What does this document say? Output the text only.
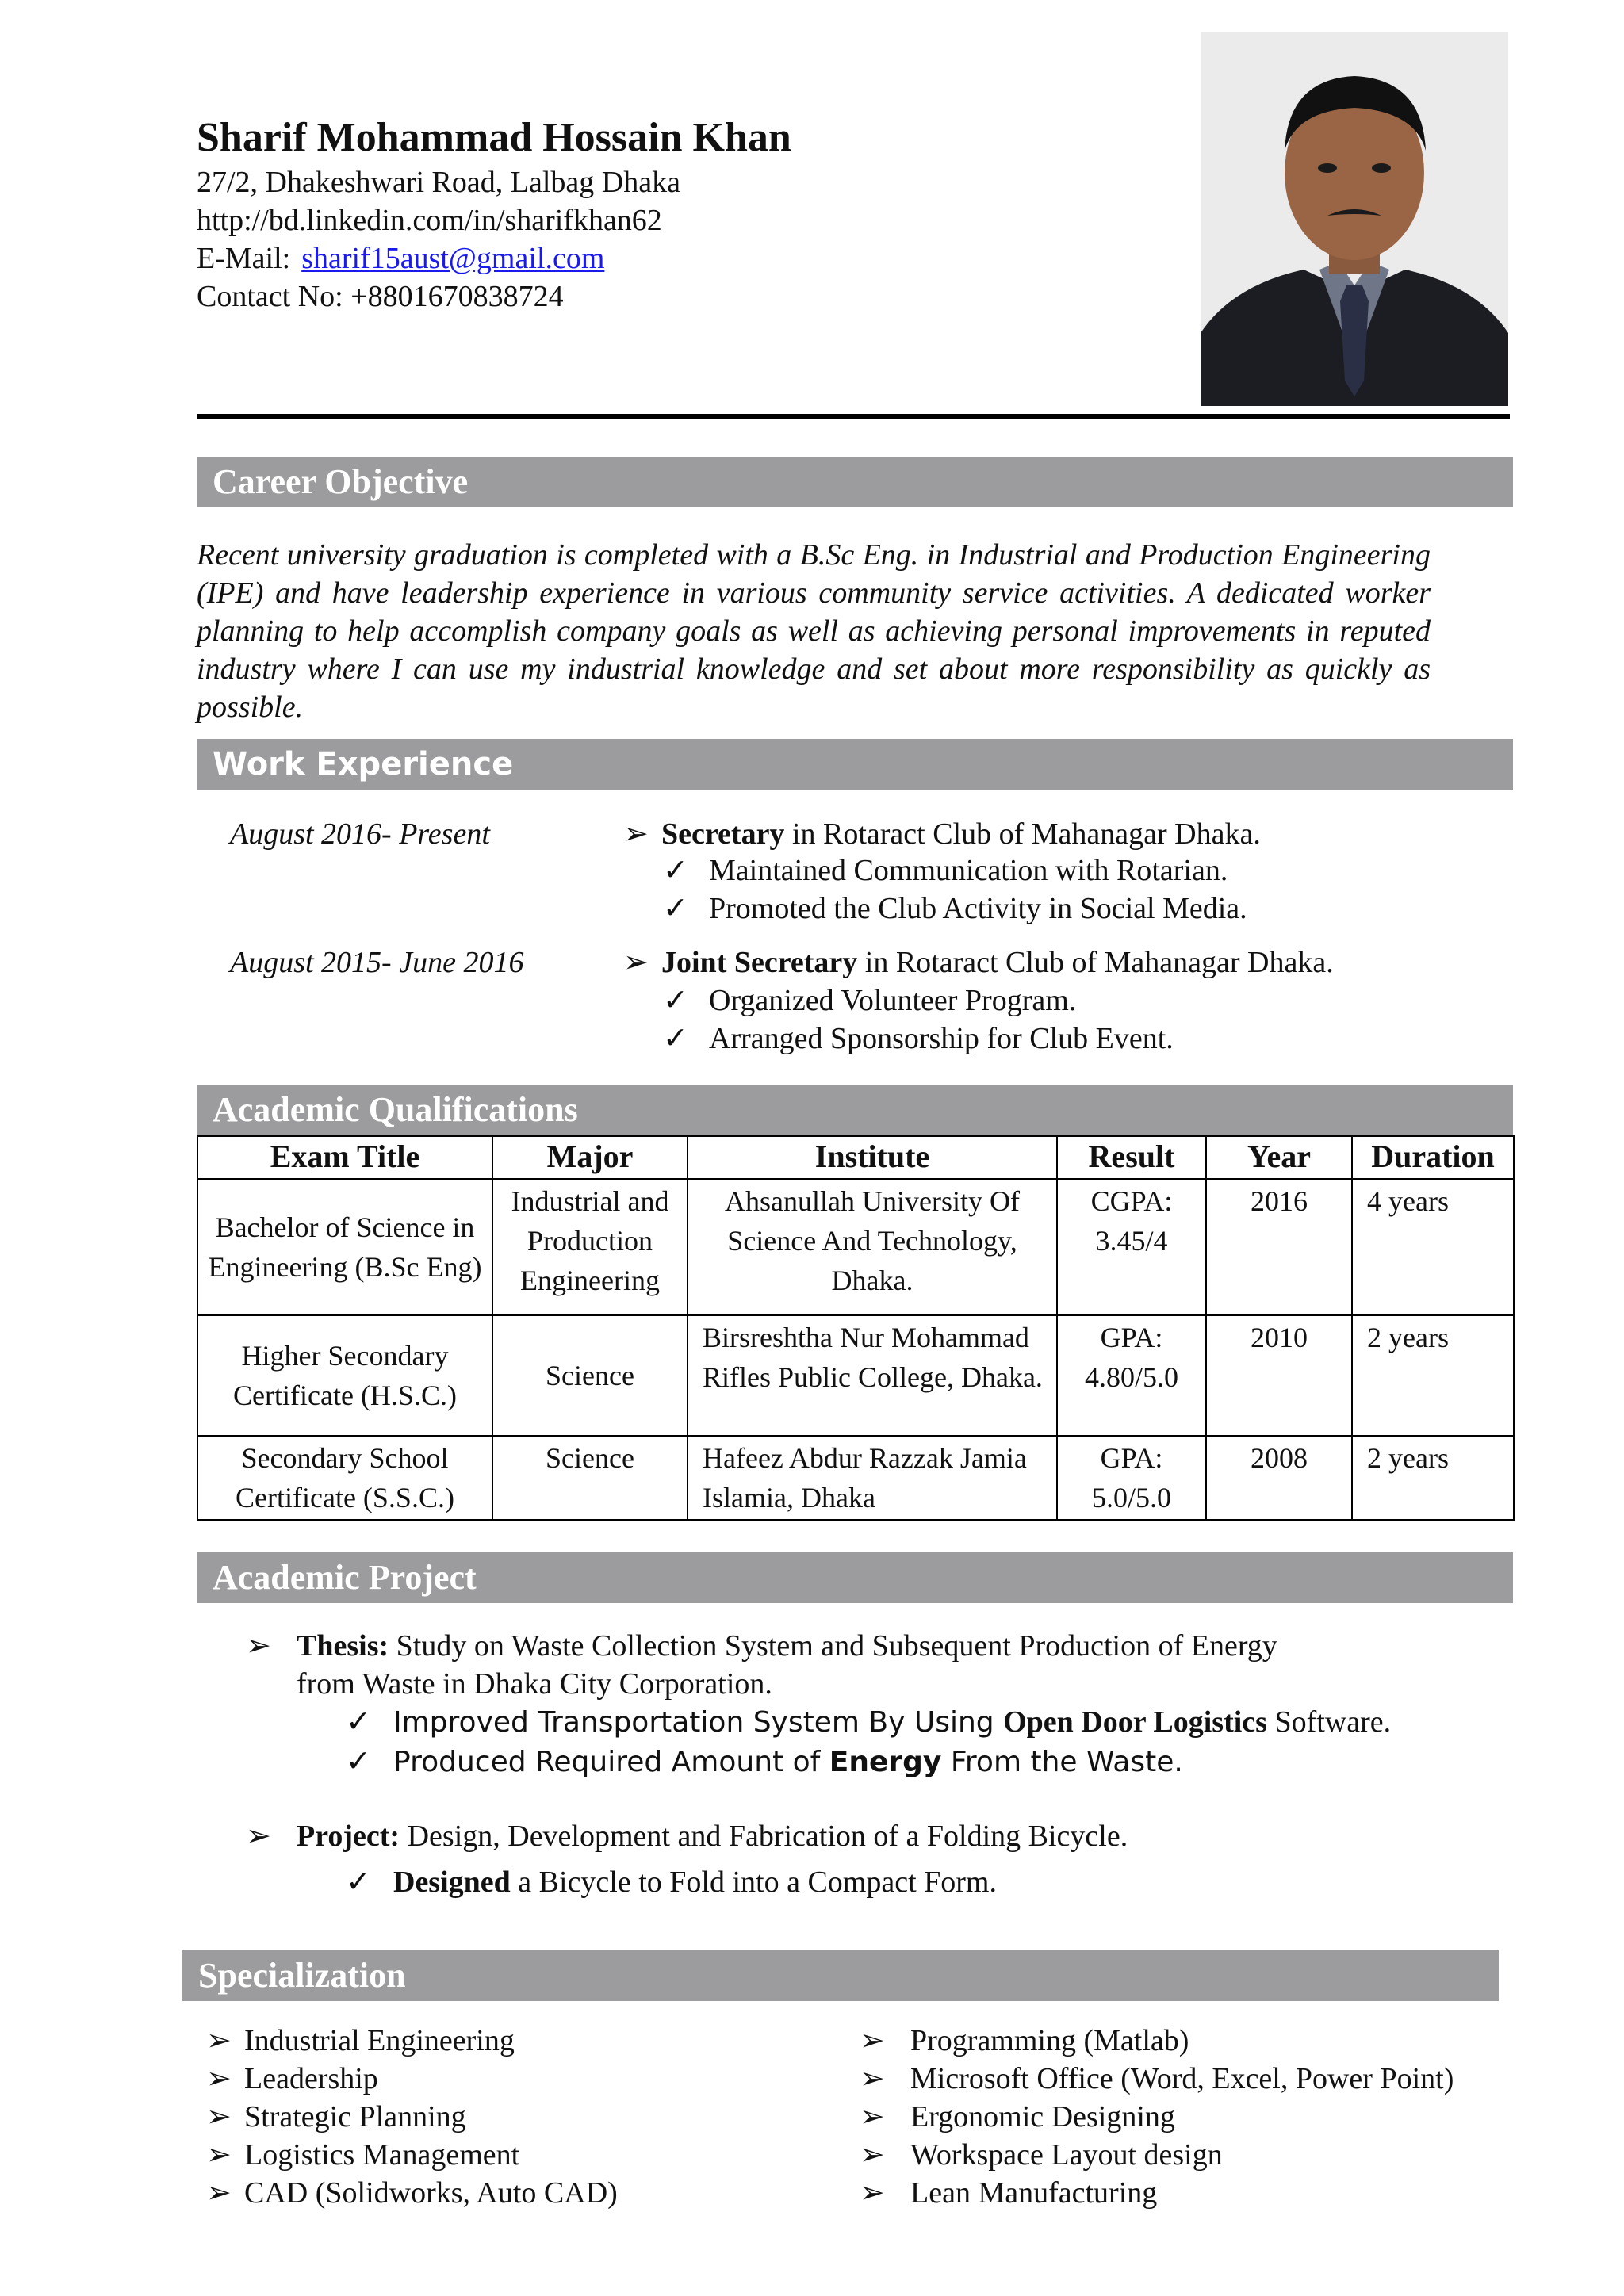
Sharif Mohammad Hossain Khan
27/2, Dhakeshwari Road, Lalbag Dhaka
http://bd.linkedin.com/in/sharifkhan62
E-Mail: sharif15aust@gmail.com
Contact No: +8801670838724
Career Objective
Recent university graduation is completed with a B.Sc Eng. in Industrial and Production Engineering (IPE) and have leadership experience in various community service activities. A dedicated worker planning to help accomplish company goals as well as achieving personal improvements in reputed industry where I can use my industrial knowledge and set about more responsibility as quickly as possible.
Work Experience
August 2016- Present	➢ Secretary in Rotaract Club of Mahanagar Dhaka.
✓ Maintained Communication with Rotarian.
✓ Promoted the Club Activity in Social Media.
August 2015- June 2016	➢ Joint Secretary in Rotaract Club of Mahanagar Dhaka.
✓ Organized Volunteer Program.
✓ Arranged Sponsorship for Club Event.
Academic Qualifications
Exam Title	Major	Institute	Result	Year	Duration
Bachelor of Science in Engineering (B.Sc Eng)	Industrial and Production Engineering	Ahsanullah University Of Science And Technology, Dhaka.	CGPA: 3.45/4	2016	4 years
Higher Secondary Certificate (H.S.C.)	Science	Birsreshtha Nur Mohammad Rifles Public College, Dhaka.	GPA: 4.80/5.0	2010	2 years
Secondary School Certificate (S.S.C.)	Science	Hafeez Abdur Razzak Jamia Islamia, Dhaka	GPA: 5.0/5.0	2008	2 years
Academic Project
➢ Thesis: Study on Waste Collection System and Subsequent Production of Energy
from Waste in Dhaka City Corporation.
✓ Improved Transportation System By Using Open Door Logistics Software.
✓ Produced Required Amount of Energy From the Waste.
➢ Project: Design, Development and Fabrication of a Folding Bicycle.
✓ Designed a Bicycle to Fold into a Compact Form.
Specialization
➢ Industrial Engineering
➢ Leadership
➢ Strategic Planning
➢ Logistics Management
➢ CAD (Solidworks, Auto CAD)
➢ Programming (Matlab)
➢ Microsoft Office (Word, Excel, Power Point)
➢ Ergonomic Designing
➢ Workspace Layout design
➢ Lean Manufacturing
